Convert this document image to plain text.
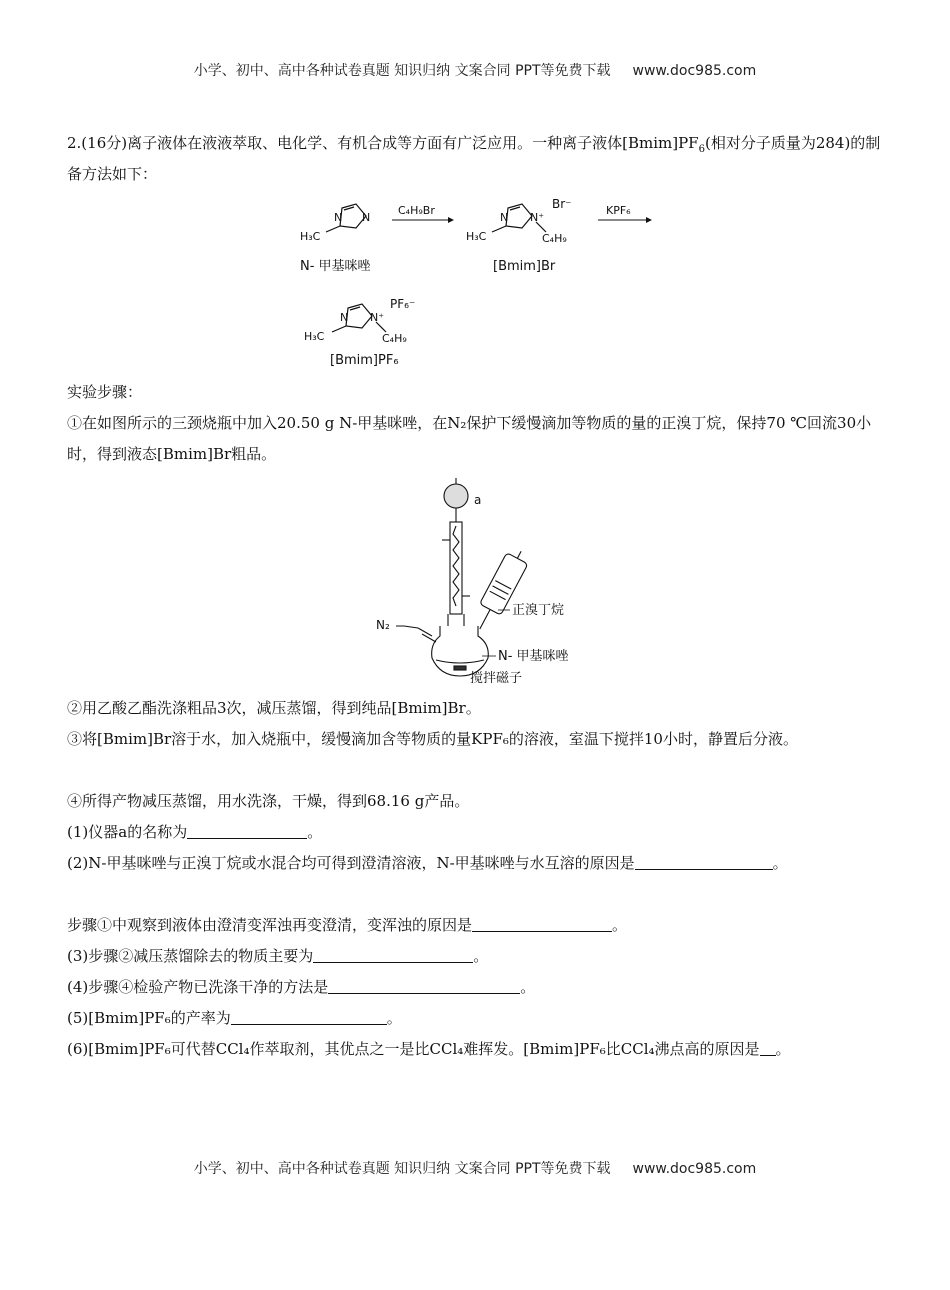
小学、初中、高中各种试卷真题 知识归纳 文案合同 PPT等免费下载 www.doc985.com

2.(16分)离子液体在液液萃取、电化学、有机合成等方面有广泛应用。一种离子液体$[Bmim]PF_6$(相对分子质量为284)的制备方法如下：

N N
H₃C
N- 甲基咪唑
C₄H₉Br
N N⁺
Br⁻
H₃C	C₄H₉
[Bmim]Br
KPF₆
N N⁺
PF₆⁻
H₃C	C₄H₉
[Bmim]PF₆

实验步骤：

①在如图所示的三颈烧瓶中加入20.50 g N-甲基咪唑，在N₂保护下缓慢滴加等物质的量的正溴丁烷，保持70 ℃回流30小时，得到液态[Bmim]Br粗品。

a
N₂
正溴丁烷
N- 甲基咪唑
搅拌磁子

②用乙酸乙酯洗涤粗品3次，减压蒸馏，得到纯品[Bmim]Br。

③将[Bmim]Br溶于水，加入烧瓶中，缓慢滴加含等物质的量KPF₆的溶液，室温下搅拌10小时，静置后分液。

④所得产物减压蒸馏，用水洗涤，干燥，得到68.16 g产品。

(1)仪器a的名称为	。

(2)N-甲基咪唑与正溴丁烷或水混合均可得到澄清溶液，N-甲基咪唑与水互溶的原因是	。

步骤①中观察到液体由澄清变浑浊再变澄清，变浑浊的原因是	。

(3)步骤②减压蒸馏除去的物质主要为	。

(4)步骤④检验产物已洗涤干净的方法是	。

(5)[Bmim]PF₆的产率为	。

(6)[Bmim]PF₆可代替CCl₄作萃取剂，其优点之一是比CCl₄难挥发。[Bmim]PF₆比CCl₄沸点高的原因是 。

小学、初中、高中各种试卷真题 知识归纳 文案合同 PPT等免费下载 www.doc985.com
